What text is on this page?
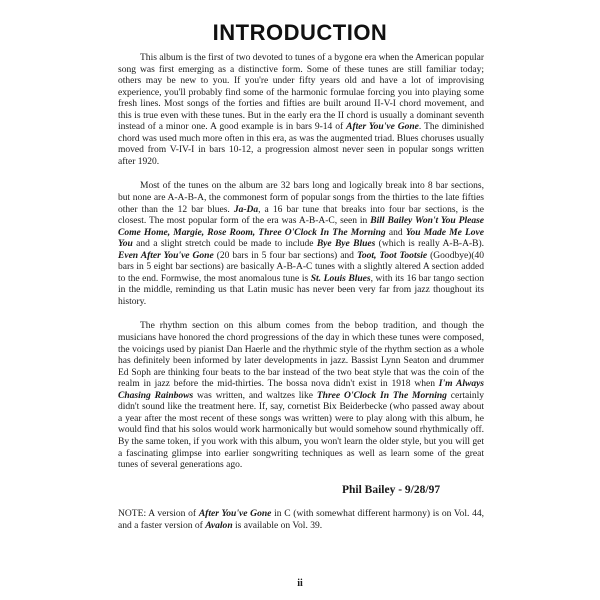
INTRODUCTION

This album is the first of two devoted to tunes of a bygone era when the American popular song was first emerging as a distinctive form. Some of these tunes are still familiar today; others may be new to you. If you're under fifty years old and have a lot of improvising experience, you'll probably find some of the harmonic formulae forcing you into playing some fresh lines. Most songs of the forties and fifties are built around II-V-I chord movement, and this is true even with these tunes. But in the early era the II chord is usually a dominant seventh instead of a minor one. A good example is in bars 9-14 of After You've Gone. The diminished chord was used much more often in this era, as was the augmented triad. Blues choruses usually moved from V-IV-I in bars 10-12, a progression almost never seen in popular songs written after 1920.

Most of the tunes on the album are 32 bars long and logically break into 8 bar sections, but none are A-A-B-A, the commonest form of popular songs from the thirties to the late fifties other than the 12 bar blues. Ja-Da, a 16 bar tune that breaks into four bar sections, is the closest. The most popular form of the era was A-B-A-C, seen in Bill Bailey Won't You Please Come Home, Margie, Rose Room, Three O'Clock In The Morning and You Made Me Love You and a slight stretch could be made to include Bye Bye Blues (which is really A-B-A-B). Even After You've Gone (20 bars in 5 four bar sections) and Toot, Toot Tootsie (Goodbye)(40 bars in 5 eight bar sections) are basically A-B-A-C tunes with a slightly altered A section added to the end. Formwise, the most anomalous tune is St. Louis Blues, with its 16 bar tango section in the middle, reminding us that Latin music has never been very far from jazz thoughout its history.

The rhythm section on this album comes from the bebop tradition, and though the musicians have honored the chord progressions of the day in which these tunes were composed, the voicings used by pianist Dan Haerle and the rhythmic style of the rhythm section as a whole has definitely been informed by later developments in jazz. Bassist Lynn Seaton and drummer Ed Soph are thinking four beats to the bar instead of the two beat style that was the coin of the realm in jazz before the mid-thirties. The bossa nova didn't exist in 1918 when I'm Always Chasing Rainbows was written, and waltzes like Three O'Clock In The Morning certainly didn't sound like the treatment here. If, say, cornetist Bix Beiderbecke (who passed away about a year after the most recent of these songs was written) were to play along with this album, he would find that his solos would work harmonically but would somehow sound rhythmically off. By the same token, if you work with this album, you won't learn the older style, but you will get a fascinating glimpse into earlier songwriting techniques as well as learn some of the great tunes of several generations ago.

Phil Bailey - 9/28/97
NOTE: A version of After You've Gone in C (with somewhat different harmony) is on Vol. 44, and a faster version of Avalon is available on Vol. 39.
ii
